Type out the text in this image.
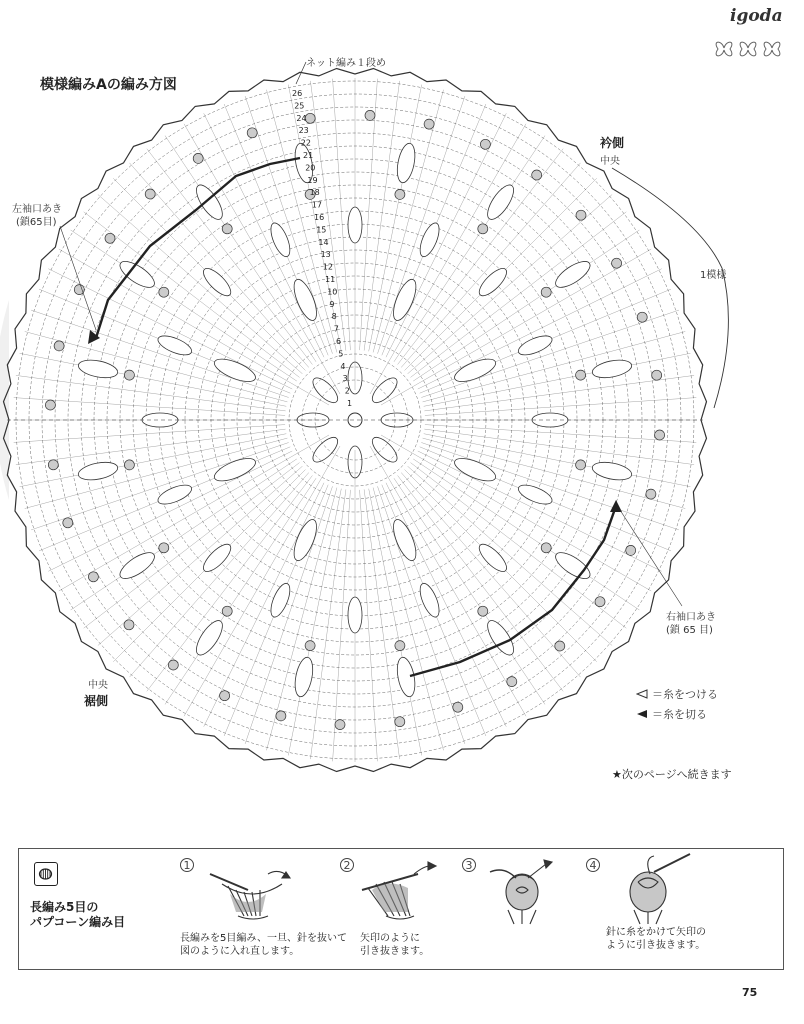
igoda
模様編みAの編み方図
26
25
24
23
22
21
20
19
18
17
16
15
14
13
12
11
10
9
8
7
6
5
4
3
2
1
ネット編み１段め
衿側
中央
1模様
左袖口あき
(鎖65目)
右袖口あき
(鎖 65 目)
中央
裾側	＝糸をつける
＝糸を切る
★次のページへ続きます
長編み5目の
パプコーン編み目
1
長編みを5目編み、一旦、針を抜いて
図のように入れ直します。
2
矢印のように
引き抜きます。
3	4
針に糸をかけて矢印の
ように引き抜きます。
75
